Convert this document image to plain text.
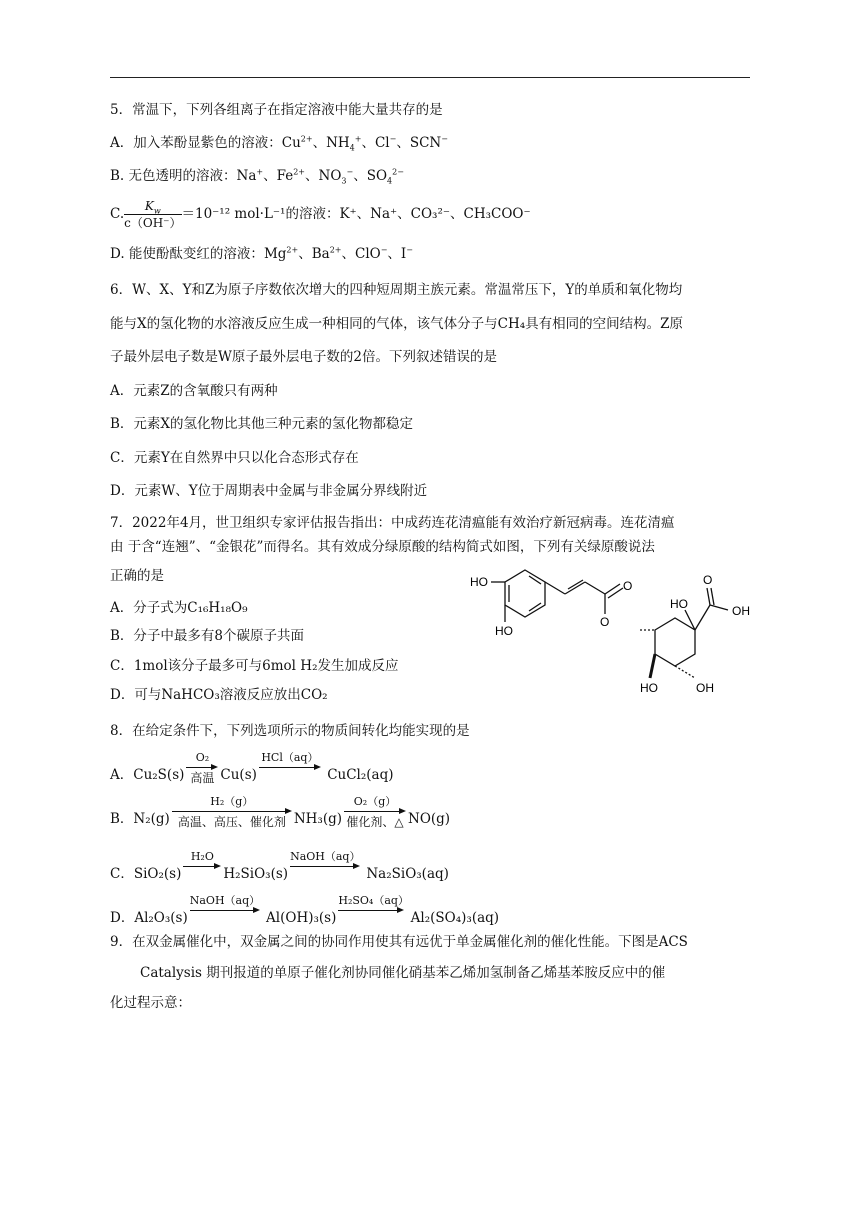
5．常温下，下列各组离子在指定溶液中能大量共存的是
A．加入苯酚显紫色的溶液：$Cu^{2+}$、$NH_4^+$、Cl−、SCN−
B. 无色透明的溶液：Na+、$Fe^{2+}$、$NO_3^-$、$SO_4^{2-}$
C. $\frac{K_w}{c(OH^-)} =10^{-12}$ mol·L⁻¹的溶液：K⁺、Na⁺、CO₃²⁻、CH₃COO⁻
D. 能使酚酞变红的溶液：$Mg^{2+}$、$Ba^{2+}$、ClO−、I−
6．W、X、Y和Z为原子序数依次增大的四种短周期主族元素。常温常压下，Y的单质和氧化物均
能与X的氢化物的水溶液反应生成一种相同的气体，该气体分子与CH₄具有相同的空间结构。Z原
子最外层电子数是W原子最外层电子数的2倍。下列叙述错误的是
A．元素Z的含氧酸只有两种
B．元素X的氢化物比其他三种元素的氢化物都稳定
C．元素Y在自然界中只以化合态形式存在
D．元素W、Y位于周期表中金属与非金属分界线附近
7．2022年4月，世卫组织专家评估报告指出：中成药连花清瘟能有效治疗新冠病毒。连花清瘟
由 于含“连翘”、“金银花”而得名。其有效成分绿原酸的结构简式如图，下列有关绿原酸说法
正确的是
A．分子式为C₁₆H₁₈O₉
B．分子中最多有8个碳原子共面
C．1mol该分子最多可与6mol H₂发生加成反应
D．可与NaHCO₃溶液反应放出CO₂
HO
HO
O
O
HO	OH
O
HO	OH
8．在给定条件下，下列选项所示的物质间转化均能实现的是
A．Cu₂S(s)
O₂
高温 Cu(s)
HCl（aq）

CuCl₂(aq)
B．N₂(g)
H₂（g）
高温、高压、催化剂 NH₃(g)
O₂（g）
催化剂、△ NO(g)
C．SiO₂(s)
H₂O

H₂SiO₃(s)
NaOH（aq）

Na₂SiO₃(aq)
D．Al₂O₃(s)
NaOH（aq）

Al(OH)₃(s)
H₂SO₄（aq）

Al₂(SO₄)₃(aq)
9．在双金属催化中，双金属之间的协同作用使其有远优于单金属催化剂的催化性能。下图是ACS
Catalysis 期刊报道的单原子催化剂协同催化硝基苯乙烯加氢制备乙烯基苯胺反应中的催
化过程示意：
